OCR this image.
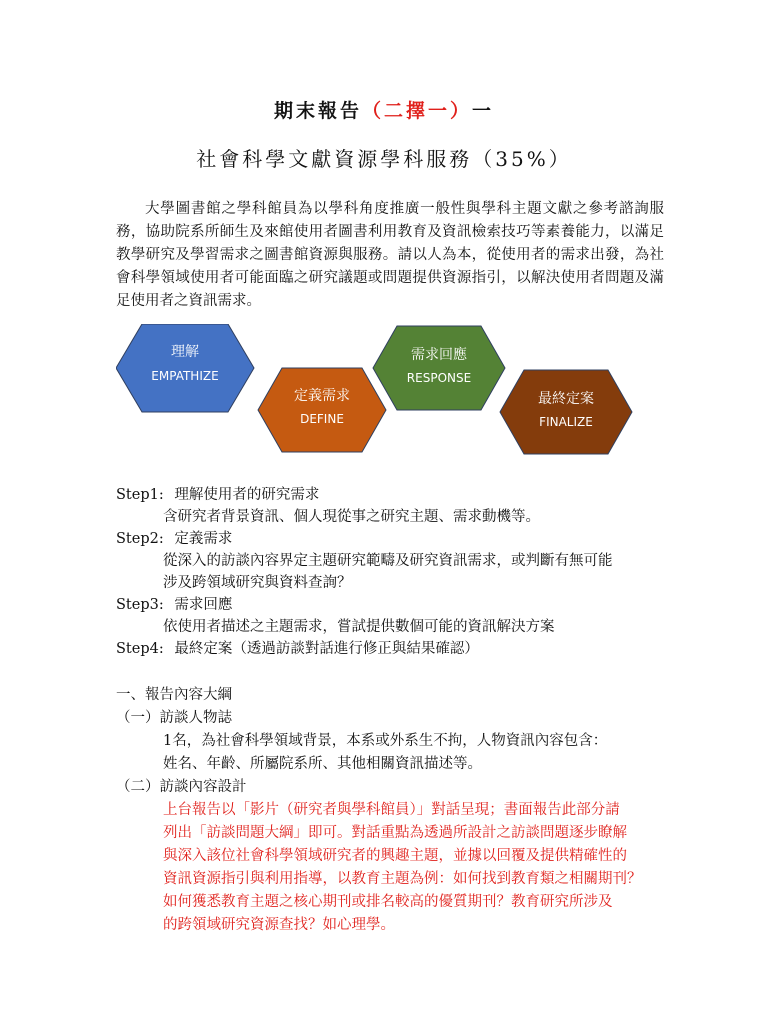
期末報告（二擇一）一
社會科學文獻資源學科服務（35%）
大學圖書館之學科館員為以學科角度推廣一般性與學科主題文獻之參考諮詢服務，協助院系所師生及來館使用者圖書利用教育及資訊檢索技巧等素養能力，以滿足教學研究及學習需求之圖書館資源與服務。請以人為本，從使用者的需求出發，為社會科學領域使用者可能面臨之研究議題或問題提供資源指引，以解決使用者問題及滿足使用者之資訊需求。
理解
EMPATHIZE
定義需求
DEFINE
需求回應
RESPONSE
最終定案
FINALIZE
Step1: 理解使用者的研究需求
含研究者背景資訊、個人現從事之研究主題、需求動機等。
Step2: 定義需求
從深入的訪談內容界定主題研究範疇及研究資訊需求，或判斷有無可能
涉及跨領域研究與資料查詢？
Step3: 需求回應
依使用者描述之主題需求，嘗試提供數個可能的資訊解決方案
Step4: 最終定案（透過訪談對話進行修正與結果確認）
一、報告內容大綱
（一）訪談人物誌
1名，為社會科學領域背景，本系或外系生不拘，人物資訊內容包含：
姓名、年齡、所屬院系所、其他相關資訊描述等。
（二）訪談內容設計
上台報告以「影片（研究者與學科館員）」對話呈現；書面報告此部分請
列出「訪談問題大綱」即可。對話重點為透過所設計之訪談問題逐步瞭解
與深入該位社會科學領域研究者的興趣主題，並據以回覆及提供精確性的
資訊資源指引與利用指導，以教育主題為例：如何找到教育類之相關期刊？
如何獲悉教育主題之核心期刊或排名較高的優質期刊？教育研究所涉及
的跨領域研究資源查找？如心理學。
